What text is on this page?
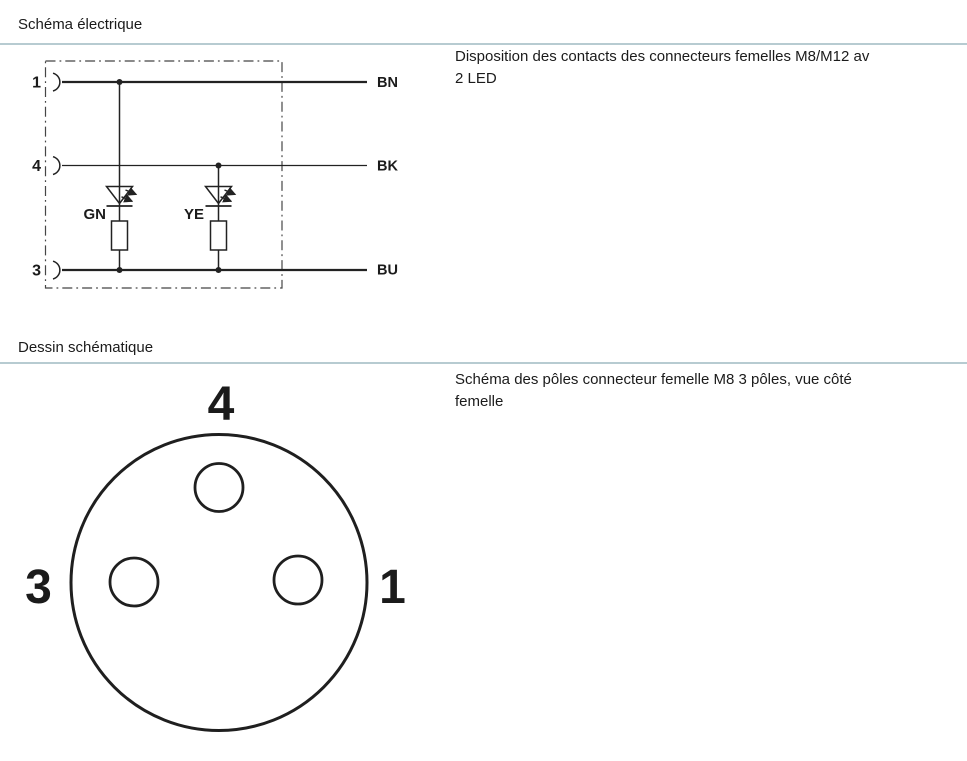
Schéma électrique
Disposition des contacts des connecteurs femelles M8/M12 av
2 LED
1
4
3
BN
BK
BU
GN	YE
Dessin schématique
Schéma des pôles connecteur femelle M8 3 pôles, vue côté
femelle
4
3	1
